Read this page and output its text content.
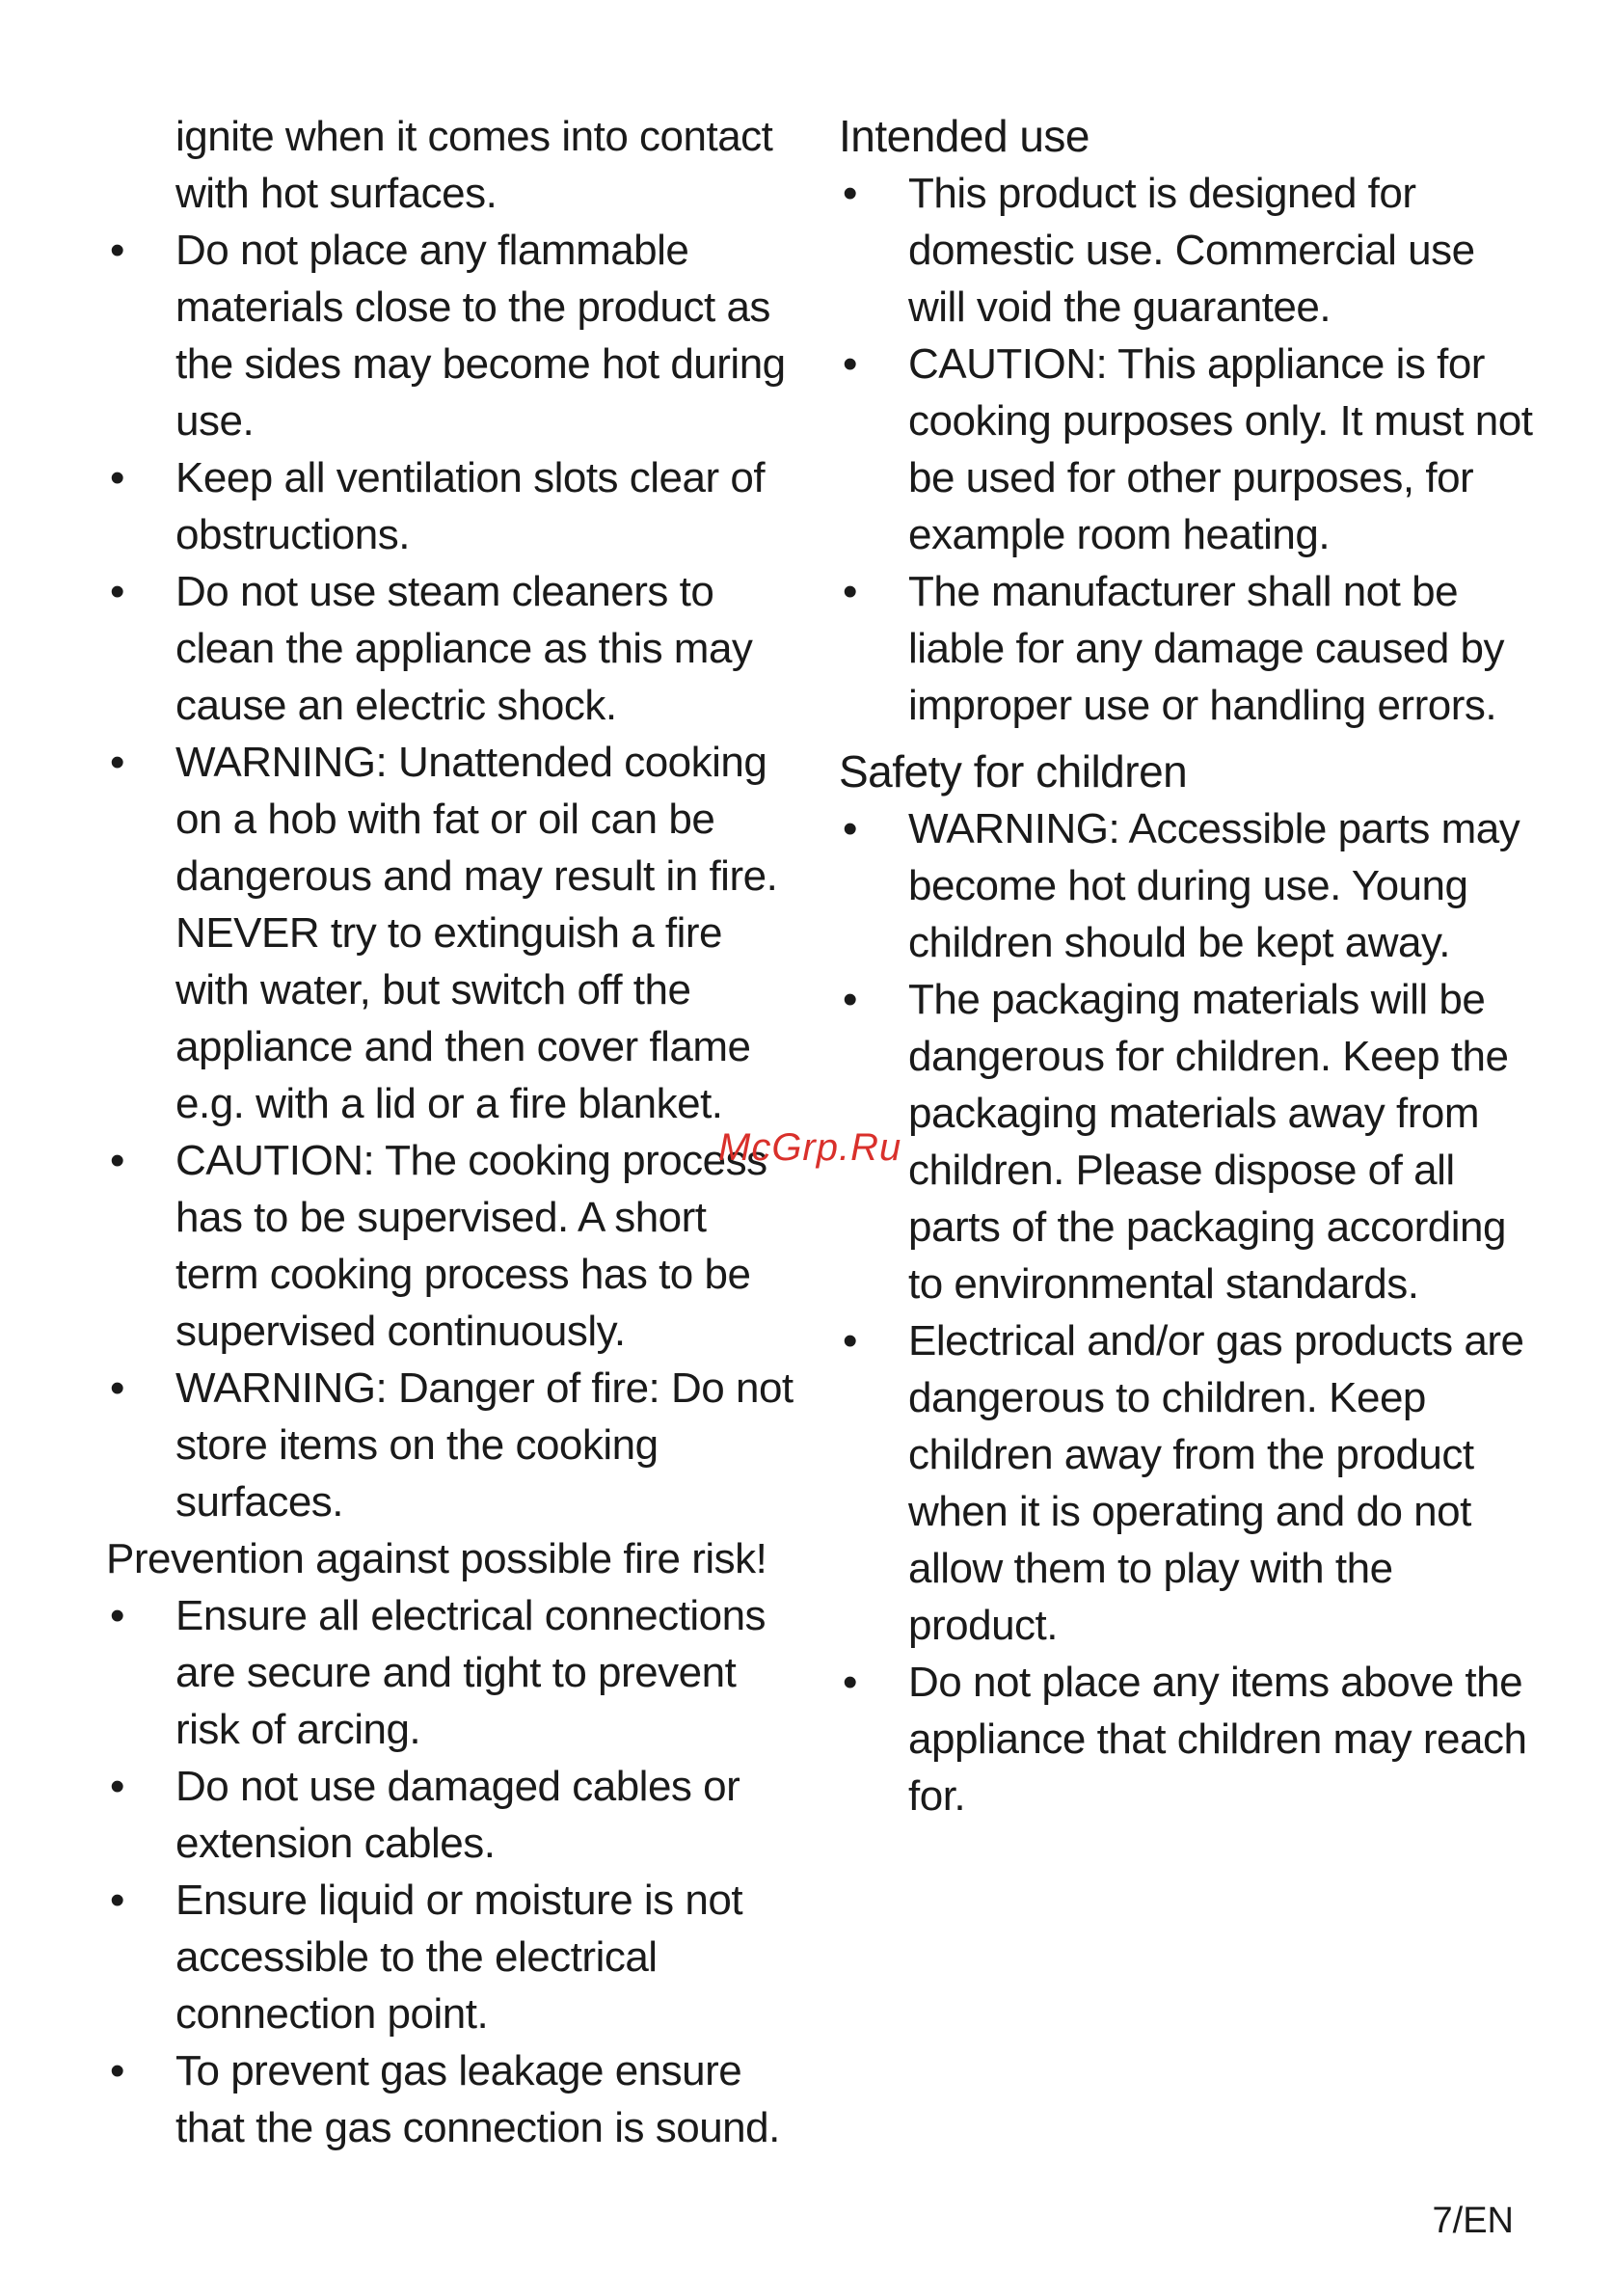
ignite when it comes into contact with hot surfaces.

•
Do not place any flammable materials close to the product as the sides may become hot during use.
•
Keep all ventilation slots clear of obstructions.
•
Do not use steam cleaners to clean the appliance as this may cause an electric shock.
•
WARNING: Unattended cooking on a hob with fat or oil can be dangerous and may result in fire. NEVER try to extinguish a fire with water, but switch off the appliance and then cover flame e.g. with a lid or a fire blanket.
•
CAUTION: The cooking process has to be supervised. A short term cooking process has to be supervised continuously.
•
WARNING: Danger of fire: Do not store items on the cooking surfaces.

Prevention against possible fire risk!

•
Ensure all electrical connections are secure and tight to prevent risk of arcing.
•
Do not use damaged cables or extension cables.
•
Ensure liquid or moisture is not accessible to the electrical connection point.
•
To prevent gas leakage ensure that the gas connection is sound.

Intended use

•
This product is designed for domestic use. Commercial use will void the guarantee.
•
CAUTION: This appliance is for cooking purposes only. It must not be used for other purposes, for example room heating.
•
The manufacturer shall not be liable for any damage caused by improper use or handling errors.

Safety for children

•
WARNING: Accessible parts may become hot during use. Young children should be kept away.
•
The packaging materials will be dangerous for children. Keep the packaging materials away from children. Please dispose of all parts of the packaging according to environmental standards.
•
Electrical and/or gas products are dangerous to children. Keep children away from the product when it is operating and do not allow them to play with the product.
•
Do not place any items above the appliance that children may reach for.
McGrp.Ru
7/EN
